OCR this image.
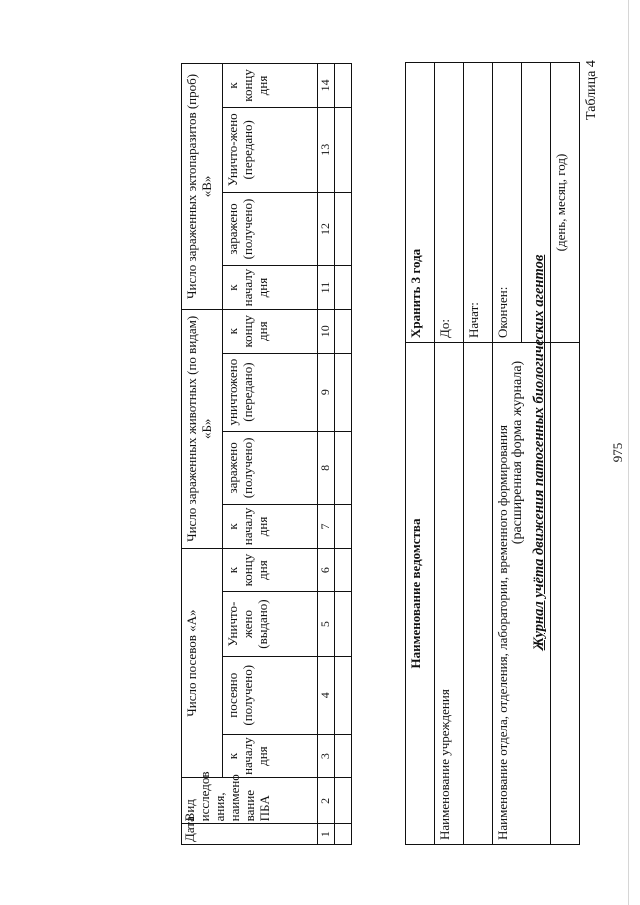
975
Таблица 4
Журнал учёта движения патогенных биологических агентов
(расширенная форма журнала)
Наименование ведомства	Хранить 3 года
Наименование учреждения	До:
	Начат:
Наименование отдела, отделения, лаборатории, временного формирования	Окончен:

	(день, месяц, год)
Дата	Вид исследов ания, наимено вание ПБА	Число посевов «А»				Число зараженных животных (по видам) «Б»				Число зараженных эктопаразитов (проб) «В»			
		к началу дня	посеяно (получено)	Уничто-жено (выдано)	к концу дня	к началу дня	заражено (получено)	уничтожено (передано)	к концу дня	к началу дня	заражено (получено)	Уничто-жено (передано)	к концу дня
1	2	3	4	5	6	7	8	9	10	11	12	13	14
